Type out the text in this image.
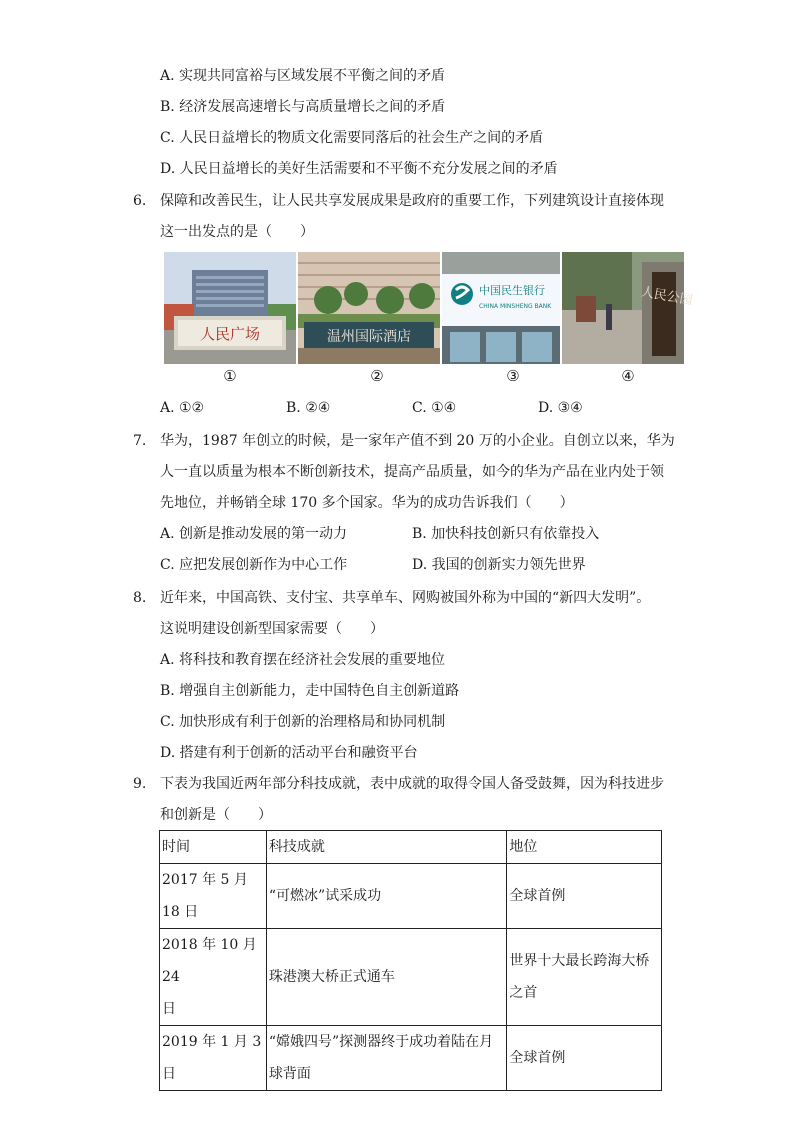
A. 实现共同富裕与区域发展不平衡之间的矛盾
B. 经济发展高速增长与高质量增长之间的矛盾
C. 人民日益增长的物质文化需要同落后的社会生产之间的矛盾
D. 人民日益增长的美好生活需要和不平衡不充分发展之间的矛盾
6. 保障和改善民生，让人民共享发展成果是政府的重要工作，下列建筑设计直接体现
这一出发点的是（　　）
人民广场	温州国际酒店
中国民生银行
CHINA MINSHENG BANK	人民公园
①	②	③	④
A. ①②	B. ②④	C. ①④	D. ③④
7. 华为，1987 年创立的时候，是一家年产值不到 20 万的小企业。自创立以来，华为
人一直以质量为根本不断创新技术，提高产品质量，如今的华为产品在业内处于领
先地位，并畅销全球 170 多个国家。华为的成功告诉我们（　　）
A. 创新是推动发展的第一动力	B. 加快科技创新只有依靠投入
C. 应把发展创新作为中心工作	D. 我国的创新实力领先世界
8. 近年来，中国高铁、支付宝、共享单车、网购被国外称为中国的“新四大发明”。
这说明建设创新型国家需要（　　）
A. 将科技和教育摆在经济社会发展的重要地位
B. 增强自主创新能力，走中国特色自主创新道路
C. 加快形成有利于创新的治理格局和协同机制
D. 搭建有利于创新的活动平台和融资平台
9. 下表为我国近两年部分科技成就，表中成就的取得令国人备受鼓舞，因为科技进步
和创新是（　　）
时间	科技成就	地位
2017 年 5 月 18 日	“可燃冰”试采成功	全球首例
2018 年 10 月 24
日	珠港澳大桥正式通车	世界十大最长跨海大桥
之首
2019 年 1 月 3 日	“嫦娥四号”探测器终于成功着陆在月
球背面	全球首例
